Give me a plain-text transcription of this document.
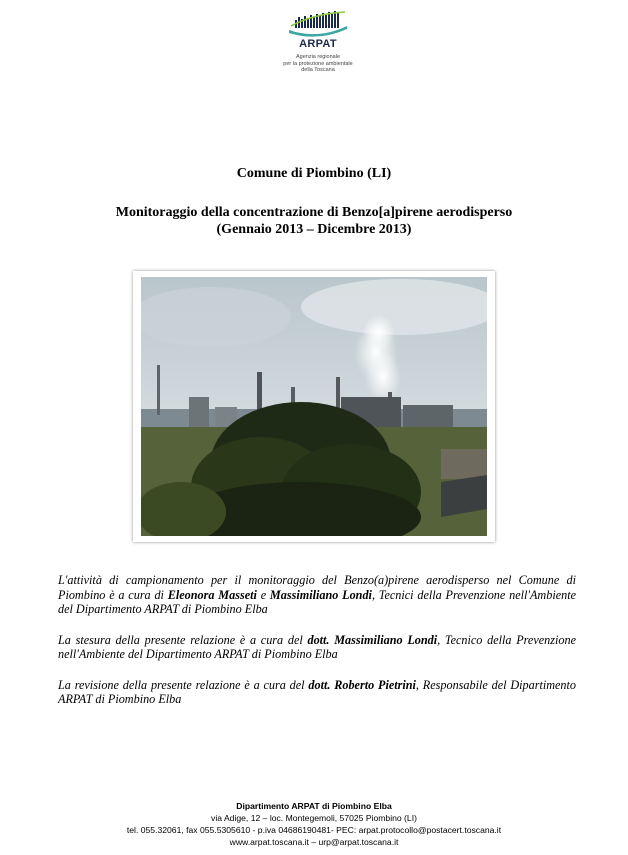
ARPAT
Agenzia regionale
per la protezione ambientale
della Toscana
Comune di Piombino (LI)
Monitoraggio della concentrazione di Benzo[a]pirene aerodisperso
(Gennaio 2013 – Dicembre 2013)

L'attività di campionamento per il monitoraggio del Benzo(a)pirene aerodisperso nel Comune di Piombino è a cura di Eleonora Masseti e Massimiliano Londi, Tecnici della Prevenzione nell'Ambiente del Dipartimento ARPAT di Piombino Elba

La stesura della presente relazione è a cura del dott. Massimiliano Londi, Tecnico della Prevenzione nell'Ambiente del Dipartimento ARPAT di Piombino Elba

La revisione della presente relazione è a cura del dott. Roberto Pietrini, Responsabile del Dipartimento ARPAT di Piombino Elba

Dipartimento ARPAT di Piombino Elba
via Adige, 12 – loc. Montegemoli, 57025 Piombino (LI)
tel. 055.32061, fax 055.5305610 - p.iva 04686190481- PEC: arpat.protocollo@postacert.toscana.it
www.arpat.toscana.it – urp@arpat.toscana.it
